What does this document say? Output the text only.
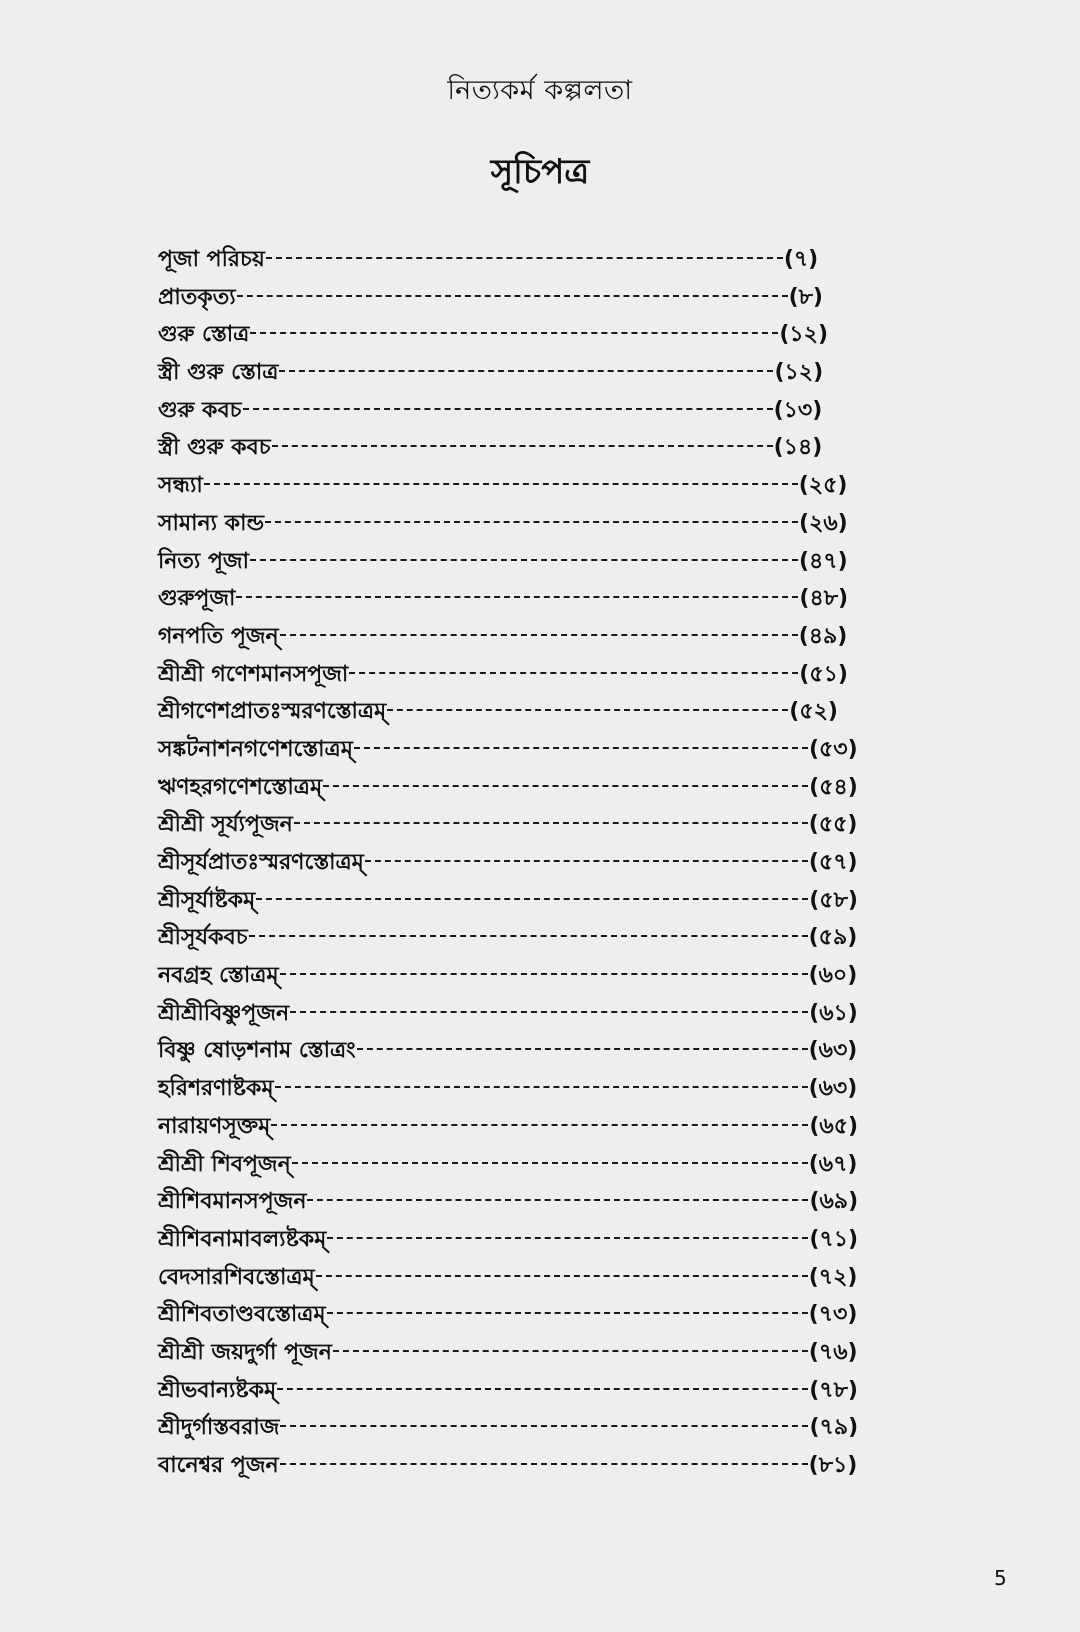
নিত্যকর্ম কল্পলতা
সূচিপত্র
পূজা পরিচয়	(৭)
প্রাতকৃত্য	(৮)
গুরু স্তোত্র	(১২)
স্ত্রী গুরু স্তোত্র	(১২)
গুরু কবচ	(১৩)
স্ত্রী গুরু কবচ	(১৪)
সন্ধ্যা	(২৫)
সামান্য কান্ড	(২৬)
নিত্য পূজা	(৪৭)
গুরুপূজা	(৪৮)
গনপতি পূজন্	(৪৯)
শ্রীশ্রী গণেশমানসপূজা	(৫১)
শ্রীগণেশপ্রাতঃস্মরণস্তোত্রম্	(৫২)
সঙ্কটনাশনগণেশস্তোত্রম্	(৫৩)
ঋণহরগণেশস্তোত্রম্	(৫৪)
শ্রীশ্রী সূর্য্যপূজন	(৫৫)
শ্রীসূর্যপ্রাতঃস্মরণস্তোত্রম্	(৫৭)
শ্রীসূর্যাষ্টকম্	(৫৮)
শ্রীসূর্যকবচ	(৫৯)
নবগ্রহ স্তোত্রম্	(৬০)
শ্রীশ্রীবিষ্ণুপূজন	(৬১)
বিষ্ণু ষোড়শনাম স্তোত্রং	(৬৩)
হরিশরণাষ্টকম্	(৬৩)
নারায়ণসূক্তম্	(৬৫)
শ্রীশ্রী শিবপূজন্	(৬৭)
শ্রীশিবমানসপূজন	(৬৯)
শ্রীশিবনামাবল্যষ্টকম্	(৭১)
বেদসারশিবস্তোত্রম্	(৭২)
শ্রীশিবতাণ্ডবস্তোত্রম্	(৭৩)
শ্রীশ্রী জয়দুর্গা পূজন	(৭৬)
শ্রীভবান্যষ্টকম্	(৭৮)
শ্রীদুর্গাস্তবরাজ	(৭৯)
বানেশ্বর পূজন	(৮১)
5
